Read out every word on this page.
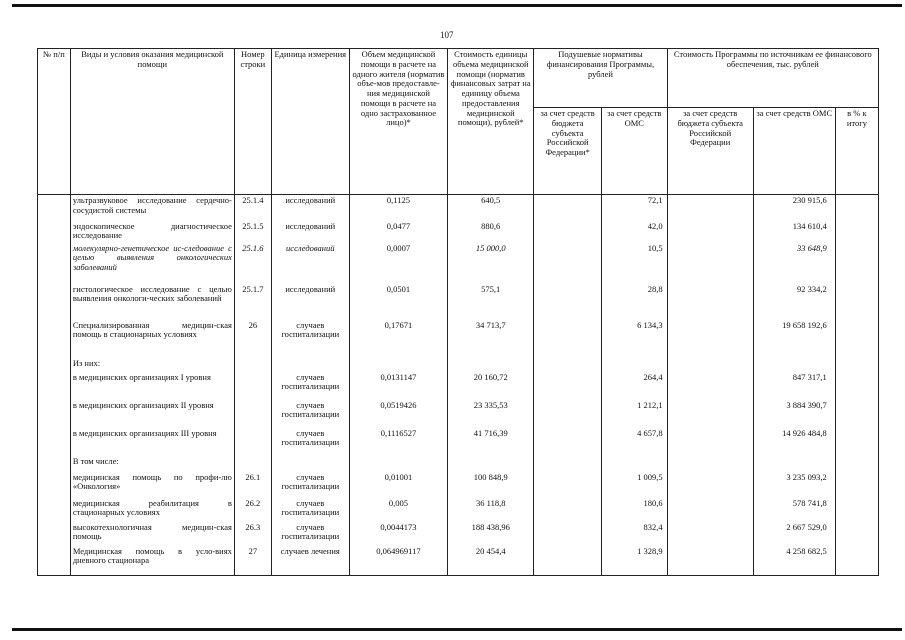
107
№ п/п	Виды и условия оказания медицинской помощи	Номер строки	Единица измерения	Объем медицинской помощи в расчете на одного жителя (норматив объе-мов предоставле-ния медицинской помощи в расчете на одно застрахованное лицо)*	Стоимость единицы объема медицинской помощи (норматив финансовых затрат на единицу объема предоставления медицинской помощи), рублей*	Подушевые нормативы финансирования Программы, рублей		Стоимость Программы по источникам ее финансового обеспечения, тыс. рублей		
						за счет средств бюджета субъекта Российской Федерации*	за счет средств ОМС	за счет средств бюджета субъекта Российской Федерации	за счет средств ОМС	в % к итогу
	ультразвуковое исследование сердечно-сосудистой системы	25.1.4	исследований	0,1125	640,5		72,1		230 915,6	
	эндоскопическое диагностическое исследование	25.1.5	исследований	0,0477	880,6		42,0		134 610,4	
	молекулярно-генетическое ис-следование с целью выявления онкологических заболеваний	25.1.6	исследований	0,0007	15 000,0		10,5		33 648,9	
	гистологическое исследование с целью выявления онкологи-ческих заболеваний	25.1.7	исследований	0,0501	575,1		28,8		92 334,2	
	Специализированная медицин-ская помощь в стационарных условиях	26	случаев госпитализации	0,17671	34 713,7		6 134,3		19 658 192,6	
	Из них:									
	в медицинских организациях I уровня		случаев госпитализации	0,0131147	20 160,72		264,4		847 317,1	
	в медицинских организациях II уровня		случаев госпитализации	0,0519426	23 335,53		1 212,1		3 884 390,7	
	в медицинских организациях III уровня		случаев госпитализации	0,1116527	41 716,39		4 657,8		14 926 484,8	
	В том числе:									
	медицинская помощь по профи-лю «Онкология»	26.1	случаев госпитализации	0,01001	100 848,9		1 009,5		3 235 093,2	
	медицинская реабилитация в стационарных условиях	26.2	случаев госпитализации	0,005	36 118,8		180,6		578 741,8	
	высокотехнологичная медицин-ская помощь	26.3	случаев госпитализации	0,0044173	188 438,96		832,4		2 667 529,0	
	Медицинская помощь в усло-виях дневного стационара	27	случаев лечения	0,064969117	20 454,4		1 328,9		4 258 682,5	
